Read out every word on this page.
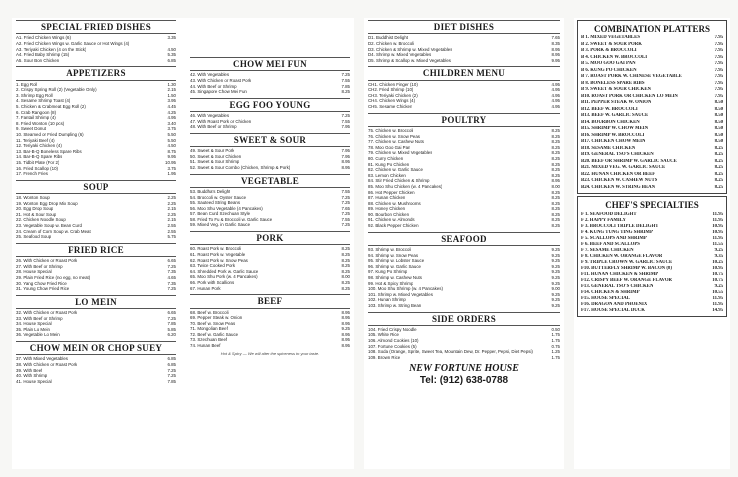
SPECIAL FRIED DISHES
A1. Fried Chicken Wings (6)	3.35
A2. Fried Chicken Wings w. Garlic Sauce or Hot Wings (4)
A3. Teriyaki Chicken (4 on the Stick)	4.50
A4. Fried Baby Shrimp (15)	5.35
A5. Sour Bon Chicken	6.85
APPETIZERS
1. Egg Roll	1.30
2. Crispy Spring Roll (2) (Vegetable Only)	2.15
3. Shrimp Egg Roll	1.50
4. Sesame Shrimp Toast (4)	3.95
5. Chicken & Crabmeat Egg Roll (2)	4.45
6. Crab Rangoon (8)	4.25
7. Fantail Shrimp (4)	4.95
8. Fried Wonton (10 pcs)	3.40
9. Sweet Donut	3.75
10. Steamed or Fried Dumpling (6)	5.50
11. Teriyaki Beef (4)	5.50
12. Teriyaki Chicken (4)	4.50
13. Bar-B-Q Boneless Spare Ribs	8.75
14. Bar-B-Q Spare Ribs	9.95
15. Tidbit Plate (For 2)	10.95
16. Fried Scallop (10)	3.75
17. French Fries	1.95
SOUP
18. Wonton Soup	2.25
19. Wonton Egg Drop Mix Soup	2.25
20. Egg Drop Soup	2.15
21. Hot & Sour Soup	2.25
22. Chicken Noodle Soup	2.15
23. Vegetable Soup w. Bean Curd	2.55
24. Cream of Corn Soup w. Crab Meat	2.55
25. Seafood Soup	5.75
FRIED RICE
26. With Chicken or Roast Pork	6.65
27. With Beef or Shrimp	7.25
28. House Special	7.35
29. Plain Fried Rice (no egg, no meat)	4.65
30. Yang Chow Fried Rice	7.35
31. Young Chow Fried Rice	7.25
LO MEIN
32. With Chicken or Roast Pork	6.65
33. With Beef or Shrimp	7.25
34. House Special	7.85
35. Plain Lo Mein	5.85
36. Vegetable Lo Mein	6.20
CHOW MEIN OR CHOP SUEY
37. With Mixed Vegetables	6.85
38. With Chicken or Roast Pork	6.85
39. With Beef	7.25
40. With Shrimp	7.25
41. House Special	7.85
CHOW MEI FUN
42. With Vegetables	7.25
43. With Chicken or Roast Pork	7.55
44. With Beef or Shrimp	7.85
45. Singapore Chow Mei Fun	8.25
EGG FOO YOUNG
46. With Vegetables	7.25
47. With Roast Pork or Chicken	7.55
48. With Beef or Shrimp	7.95
SWEET & SOUR
49. Sweet & Sour Pork	7.95
50. Sweet & Sour Chicken	7.95
51. Sweet & Sour Shrimp	8.95
52. Sweet & Sour Combo (Chicken, Shrimp & Pork)	8.95
VEGETABLE
53. Buddha's Delight	7.55
54. Broccoli w. Oyster Sauce	7.25
55. Sauteed String Beans	7.25
56. Moo Shu Vegetable (4 Pancakes)	7.65
57. Bean Curd Szechuan Style	7.25
58. Fried To Fu & Broccoli w. Garlic Sauce	7.55
59. Mixed Veg. in Garlic Sauce	7.25
PORK
60. Roast Pork w. Broccoli	8.25
61. Roast Pork w. Vegetable	8.25
62. Roast Pork w. Snow Peas	8.25
63. Twice Cooked Pork	8.25
64. Shredded Pork w. Garlic Sauce	8.25
65. Moo Shu Pork (w. 4 Pancakes)	8.00
66. Pork with Scallions	8.25
67. Hunan Pork	8.25
BEEF
68. Beef w. Broccoli	8.95
69. Pepper Steak w. Onion	8.95
70. Beef w. Snow Peas	8.95
71. Mongolian Beef	9.25
72. Beef w. Garlic Sauce	8.95
73. Szechuan Beef	8.95
74. Hunan Beef	8.95
Hot & Spicy — We will alter the spiceness to your taste.
DIET DISHES
D1. Buddhist Delight	7.65
D2. Chicken w. Broccoli	8.35
D3. Chicken & Shrimp w. Mixed Vegetables	8.95
D4. Shrimp w. Mixed Vegetables	8.95
D5. Shrimp & Scallop w. Mixed Vegetables	9.95
CHILDREN MENU
CH1. Chicken Finger (10)	4.95
CH2. Fried Shrimp (10)	4.95
CH3. Teriyaki Chicken (2)	4.95
CH4. Chicken Wings (4)	4.95
CH5. Sesame Chicken	4.95
POULTRY
75. Chicken w. Broccoli	8.25
76. Chicken w. Snow Peas	8.25
77. Chicken w. Cashew Nuts	8.25
78. Moo Goo Gai Pan	8.25
79. Chicken w. Mixed Vegetables	8.25
80. Curry Chicken	8.25
81. Kung Po Chicken	8.25
82. Chicken w. Garlic Sauce	8.25
83. Lemon Chicken	8.25
84. Stir Fried Chicken & Shrimp	8.95
85. Moo Shu Chicken (w. 4 Pancakes)	8.00
86. Hot Pepper Chicken	8.25
87. Hunan Chicken	8.25
88. Chicken w. Mushrooms	8.25
89. Honey Chicken	8.25
90. Bourbon Chicken	8.25
91. Chicken w. Almonds	8.25
92. Black Pepper Chicken	8.25
SEAFOOD
93. Shrimp w. Broccoli	9.25
94. Shrimp w. Snow Peas	9.25
95. Shrimp w. Lobster Sauce	9.25
96. Shrimp w. Garlic Sauce	9.25
97. Kung Po Shrimp	9.25
98. Shrimp w. Cashew Nuts	9.25
99. Hot & Spicy Shrimp	9.25
100. Moo Shu Shrimp (w. 4 Pancakes)	9.00
101. Shrimp w. Mixed Vegetables	9.25
102. Hunan Shrimp	9.25
103. Shrimp w. String Bean	9.25
SIDE ORDERS
104. Fried Crispy Noodle	0.50
105. White Rice	1.75
106. Almond Cookies (10)	1.75
107. Fortune Cookies (5)	0.75
108. Soda (Orange, Sprite, Sweet Tea, Mountain Dew, Dr. Pepper, Pepsi, Diet Pepsi)	1.25
109. Brown Rice	1.75
NEW FORTUNE HOUSE
Tel: (912) 638-0788
COMBINATION PLATTERS
B 1. MIXED VEGETABLES	7.95
B 2. SWEET & SOUR PORK	7.95
B 3. PORK & BROCCOLI	7.95
B 4. CHICKEN W. BROCCOLI	7.95
B 5. MOO GOO GAI PAN	7.95
B 6. KUNG PO CHICKEN	7.95
B 7. ROAST PORK W. CHINESE VEGETABLE	7.95
B 8. BONELESS SPARE RIBS	7.95
B 9. SWEET & SOUR CHICKEN	7.95
B10. ROAST PORK OR CHICKEN LO MEIN	7.95
B11. PEPPER STEAK W. ONION	8.50
B12. BEEF W. BROCCOLI	8.50
B13. BEEF W. GARLIC SAUCE	8.50
B14. BOURBON CHICKEN	8.50
B15. SHRIMP W. CHOW MEIN	8.50
B16. SHRIMP W. BROCCOLI	8.50
B17. CHICKEN CHOW MEIN	8.50
B18. SESAME CHICKEN	8.25
B19. GENERAL TSO'S CHICKEN	8.25
B20. BEEF OR SHRIMP W. GARLIC SAUCE	8.25
B21. MIXED VEG. W. GARLIC SAUCE	8.25
B22. HUNAN CHICKEN OR BEEF	8.25
B23. CHICKEN W. CASHEW NUTS	8.25
B24. CHICKEN W. STRING BEAN	8.25
CHEF'S SPECIALTIES
F 1. SEAFOOD DELIGHT	11.95
F 2. HAPPY FAMILY	11.95
F 3. BROCCOLI TRIPLE DELIGHT	10.95
F 4. KUNG TUNG TING SHRIMP	10.95
F 5. SCALLOPS AND SHRIMP	11.95
F 6. BEEF AND SCALLOPS	11.55
F 7. SESAME CHICKEN	9.25
F 8. CHICKEN W. ORANGE FLAVOR	9.35
F 9. TRIPLE CROWN W. GARLIC SAUCE	10.25
F10. BUTTERFLY SHRIMP W. BACON (8)	10.95
F11. HUNAN CHICKEN & SHRIMP	10.75
F12. CRISPY BEEF W. ORANGE FLAVOR	10.75
F13. GENERAL TSO'S CHICKEN	9.25
F14. CHICKEN & SHRIMP	10.55
F15. HOUSE SPECIAL	11.95
F16. DRAGON AND PHOENIX	11.95
F17. HOUSE SPECIAL DUCK	14.95
